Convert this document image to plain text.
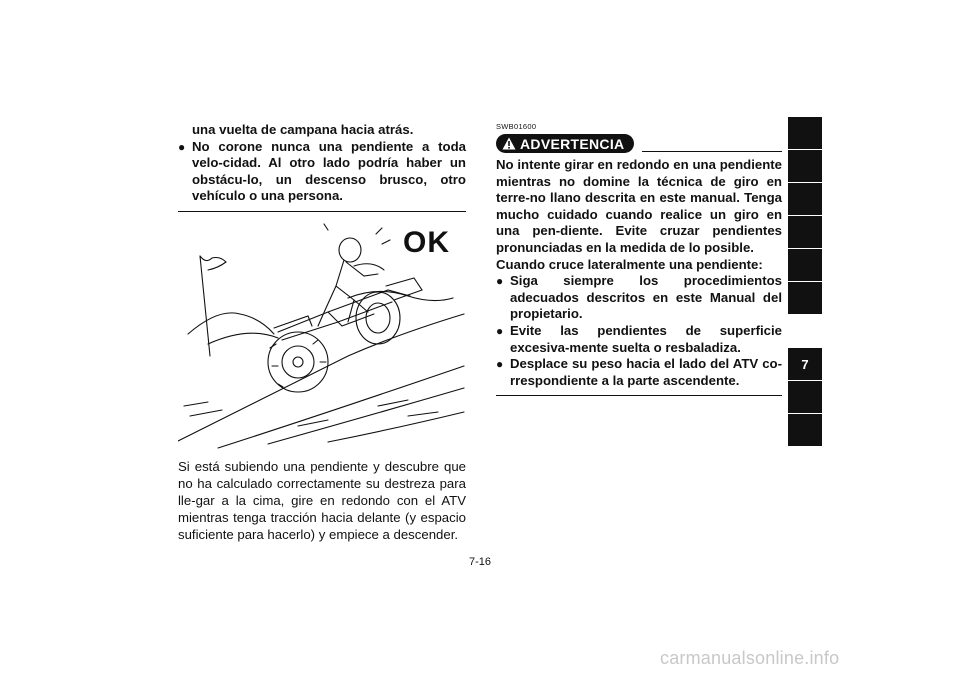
una vuelta de campana hacia atrás.
● No corone nunca una pendiente a toda velo-cidad. Al otro lado podría haber un obstácu-lo, un descenso brusco, otro vehículo o una persona.
OK
Si está subiendo una pendiente y descubre que no ha calculado correctamente su destreza para lle-gar a la cima, gire en redondo con el ATV mientras tenga tracción hacia delante (y espacio suficiente para hacerlo) y empiece a descender.
SWB01600
ADVERTENCIA
No intente girar en redondo en una pendiente mientras no domine la técnica de giro en terre-no llano descrita en este manual. Tenga mucho cuidado cuando realice un giro en una pen-diente. Evite cruzar pendientes pronunciadas en la medida de lo posible.
Cuando cruce lateralmente una pendiente:
● Siga siempre los procedimientos adecuados descritos en este Manual del propietario.
● Evite las pendientes de superficie excesiva-mente suelta o resbaladiza.
● Desplace su peso hacia el lado del ATV co-rrespondiente a la parte ascendente.
7
7-16
carmanualsonline.info
